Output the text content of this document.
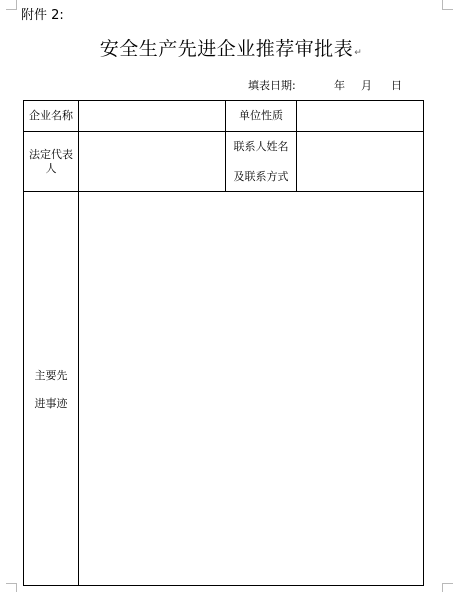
附件 2:
安全生产先进企业推荐审批表↵
填表日期:	年 月 日
企业名称	单位性质
法定代表
人
联系人姓名
及联系方式
主要先
进事迹
